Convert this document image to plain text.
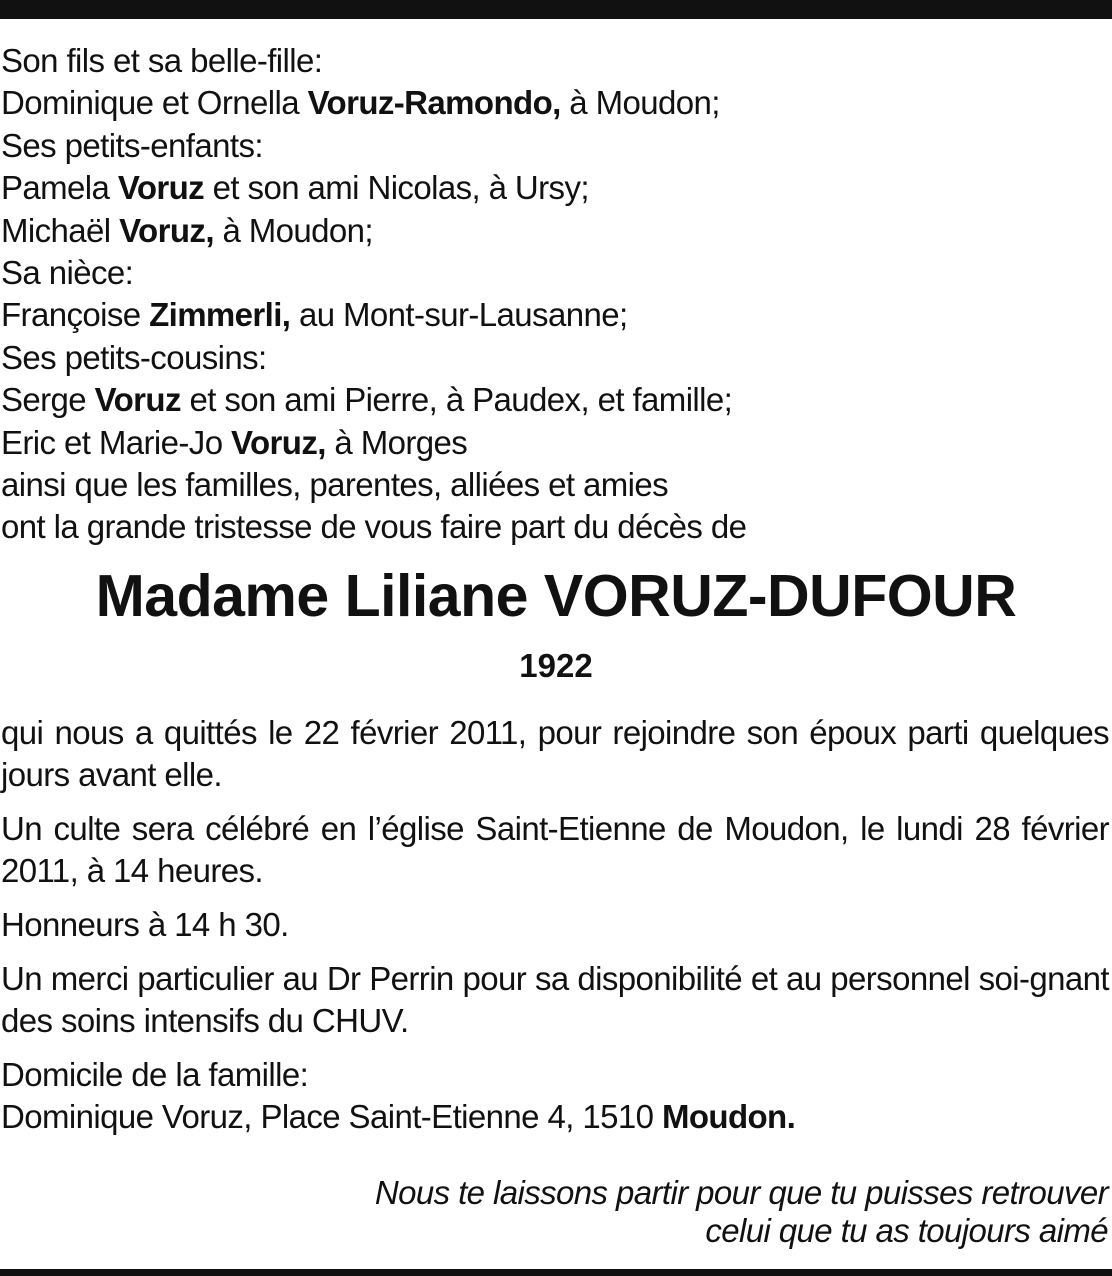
Son fils et sa belle-fille:
Dominique et Ornella Voruz-Ramondo, à Moudon;
Ses petits-enfants:
Pamela Voruz et son ami Nicolas, à Ursy;
Michaël Voruz, à Moudon;
Sa nièce:
Françoise Zimmerli, au Mont-sur-Lausanne;
Ses petits-cousins:
Serge Voruz et son ami Pierre, à Paudex, et famille;
Eric et Marie-Jo Voruz, à Morges
ainsi que les familles, parentes, alliées et amies
ont la grande tristesse de vous faire part du décès de
Madame Liliane VORUZ-DUFOUR
1922

qui nous a quittés le 22 février 2011, pour rejoindre son époux parti quelques jours avant elle.

Un culte sera célébré en l’église Saint-Etienne de Moudon, le lundi 28 février 2011, à 14 heures.

Honneurs à 14 h 30.

Un merci particulier au Dr Perrin pour sa disponibilité et au personnel soi-gnant des soins intensifs du CHUV.

Domicile de la famille:
Dominique Voruz, Place Saint-Etienne 4, 1510 Moudon.

Nous te laissons partir pour que tu puisses retrouver
celui que tu as toujours aimé
